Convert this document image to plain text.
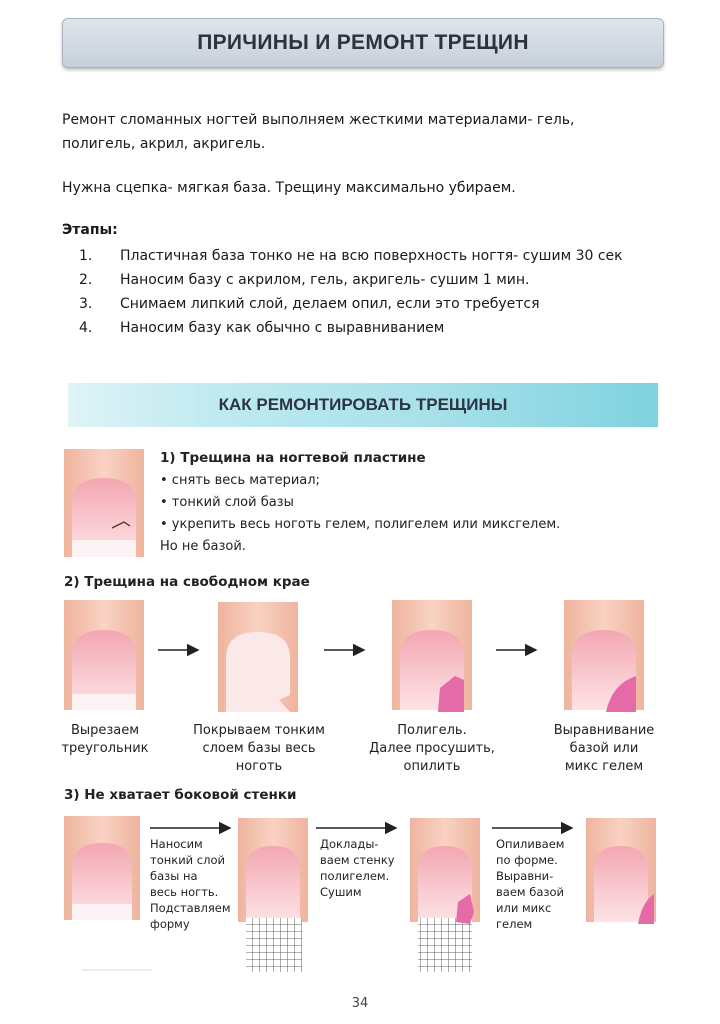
ПРИЧИНЫ И РЕМОНТ ТРЕЩИН
Ремонт сломанных ногтей выполняем жесткими материалами- гель,
полигель, акрил, акригель.
Нужна сцепка- мягкая база. Трещину максимально убираем.
Этапы:
1. Пластичная база тонко не на всю поверхность ногтя- сушим 30 сек
2. Наносим базу с акрилом, гель, акригель- сушим 1 мин.
3. Снимаем липкий слой, делаем опил, если это требуется
4. Наносим базу как обычно с выравниванием
КАК РЕМОНТИРОВАТЬ ТРЕЩИНЫ
1) Трещина на ногтевой пластине
• снять весь материал;
• тонкий слой базы
• укрепить весь ноготь гелем, полигелем или миксгелем.
Но не базой.
2) Трещина на свободном крае
Вырезаем
треугольник
Покрываем тонким
слоем базы весь
ноготь
Полигель.
Далее просушить,
опилить
Выравнивание
базой или
микс гелем
3) Не хватает боковой стенки
Наносим
тонкий слой
базы на
весь ногть.
Подставляем
форму
Доклады-
ваем стенку
полигелем.
Сушим
Опиливаем
по форме.
Выравни-
ваем базой
или микс
гелем
34
